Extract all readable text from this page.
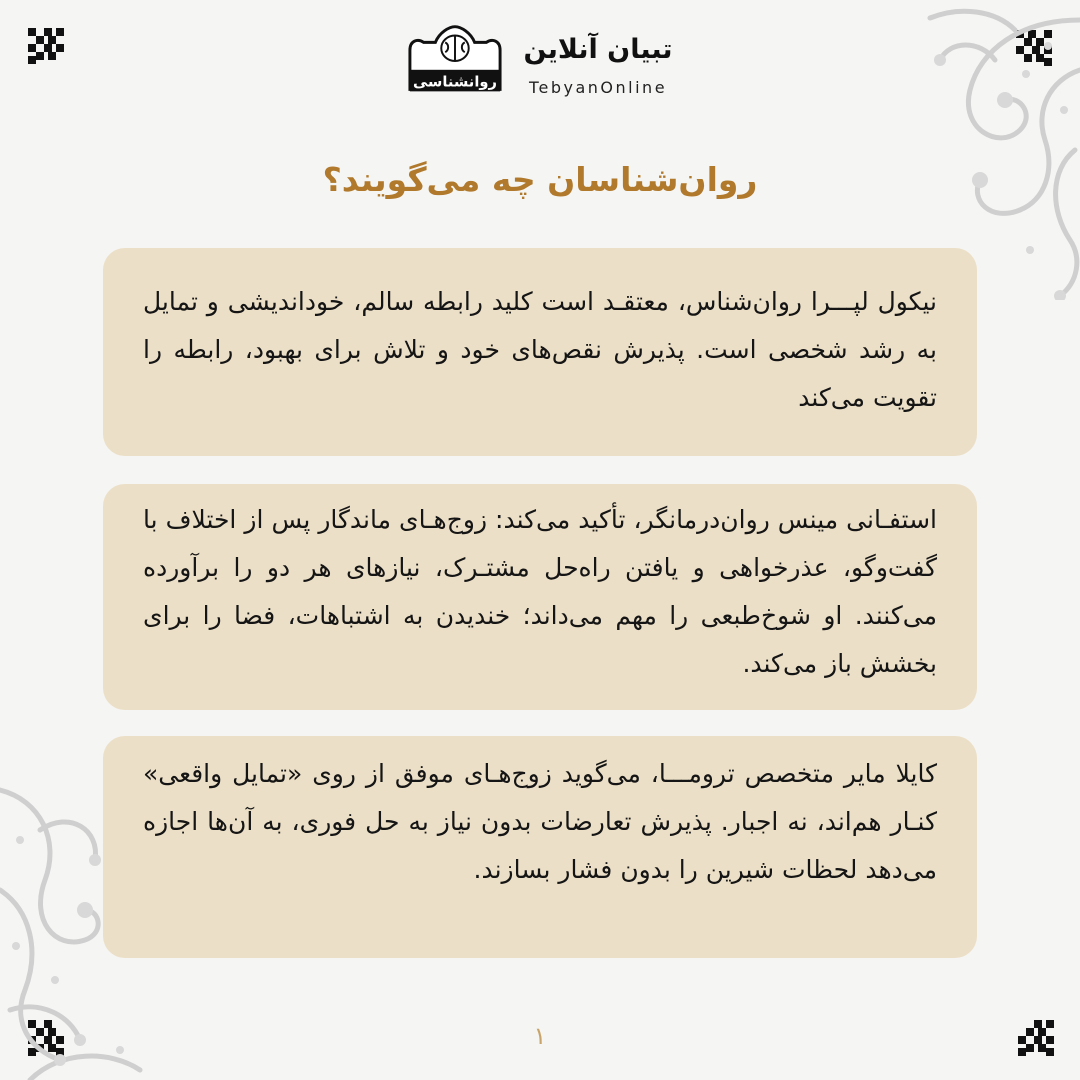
روانشناسی
تبیان آنلاین
TebyanOnline
روان‌شناسان چه می‌گویند؟

نیکول لپـــرا روان‌شناس، معتقـد است کلید رابطه سالم، خوداندیشی و تمایل به رشد شخصی است. پذیرش نقص‌های خود و تلاش برای بهبود، رابطه را تقویت می‌کند

استفـانی مینس روان‌درمانگر، تأکید می‌کند: زوج‌هـای ماندگار پس از اختلاف با گفت‌وگو، عذرخواهی و یافتن راه‌حل مشتـرک، نیازهای هر دو را برآورده می‌کنند. او شوخ‌طبعی را مهم می‌داند؛ خندیدن به اشتباهات، فضا را برای بخشش باز می‌کند.

کایلا مایر متخصص ترومـــا، می‌گوید زوج‌هـای موفق از روی «تمایل واقعی» کنـار هم‌اند، نه اجبار. پذیرش تعارضات بدون نیاز به حل فوری، به آن‌ها اجازه می‌دهد لحظات شیرین را بدون فشار بسازند.

۱
